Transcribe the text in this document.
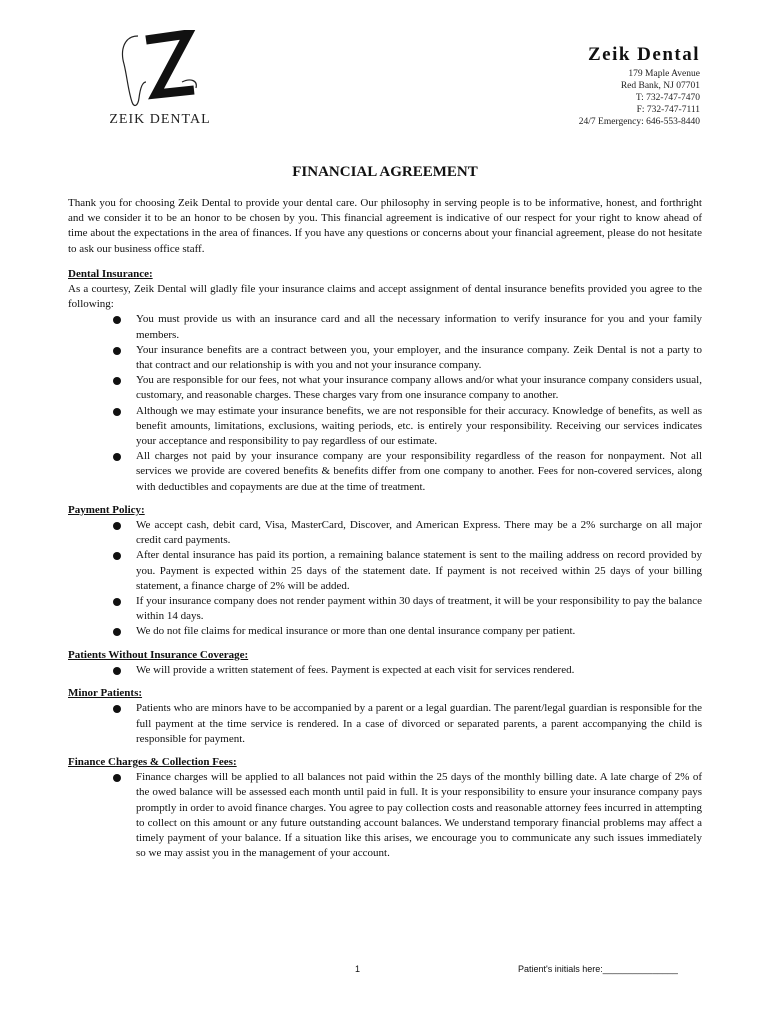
ZEIK DENTAL
Zeik Dental
179 Maple Avenue
Red Bank, NJ 07701
T: 732-747-7470
F: 732-747-7111
24/7 Emergency: 646-553-8440
FINANCIAL AGREEMENT

Thank you for choosing Zeik Dental to provide your dental care. Our philosophy in serving people is to be informative, honest, and forthright and we consider it to be an honor to be chosen by you. This financial agreement is indicative of our respect for your right to know ahead of time about the expectations in the area of finances. If you have any questions or concerns about your financial agreement, please do not hesitate to ask our business office staff.

Dental Insurance:

As a courtesy, Zeik Dental will gladly file your insurance claims and accept assignment of dental insurance benefits provided you agree to the following:

You must provide us with an insurance card and all the necessary information to verify insurance for you and your family members.
Your insurance benefits are a contract between you, your employer, and the insurance company. Zeik Dental is not a party to that contract and our relationship is with you and not your insurance company.
You are responsible for our fees, not what your insurance company allows and/or what your insurance company considers usual, customary, and reasonable charges. These charges vary from one insurance company to another.
Although we may estimate your insurance benefits, we are not responsible for their accuracy. Knowledge of benefits, as well as benefit amounts, limitations, exclusions, waiting periods, etc. is entirely your responsibility. Receiving our services indicates your acceptance and responsibility to pay regardless of our estimate.
All charges not paid by your insurance company are your responsibility regardless of the reason for nonpayment. Not all services we provide are covered benefits & benefits differ from one company to another. Fees for non-covered services, along with deductibles and copayments are due at the time of treatment.
Payment Policy:
We accept cash, debit card, Visa, MasterCard, Discover, and American Express. There may be a 2% surcharge on all major credit card payments.
After dental insurance has paid its portion, a remaining balance statement is sent to the mailing address on record provided by you. Payment is expected within 25 days of the statement date. If payment is not received within 25 days of your billing statement, a finance charge of 2% will be added.
If your insurance company does not render payment within 30 days of treatment, it will be your responsibility to pay the balance within 14 days.
We do not file claims for medical insurance or more than one dental insurance company per patient.
Patients Without Insurance Coverage:
We will provide a written statement of fees. Payment is expected at each visit for services rendered.
Minor Patients:
Patients who are minors have to be accompanied by a parent or a legal guardian. The parent/legal guardian is responsible for the full payment at the time service is rendered. In a case of divorced or separated parents, a parent accompanying the child is responsible for payment.
Finance Charges & Collection Fees:
Finance charges will be applied to all balances not paid within the 25 days of the monthly billing date. A late charge of 2% of the owed balance will be assessed each month until paid in full. It is your responsibility to ensure your insurance company pays promptly in order to avoid finance charges. You agree to pay collection costs and reasonable attorney fees incurred in attempting to collect on this amount or any future outstanding account balances. We understand temporary financial problems may affect a timely payment of your balance. If a situation like this arises, we encourage you to communicate any such issues immediately so we may assist you in the management of your account.
1	Patient's initials here:_______________
